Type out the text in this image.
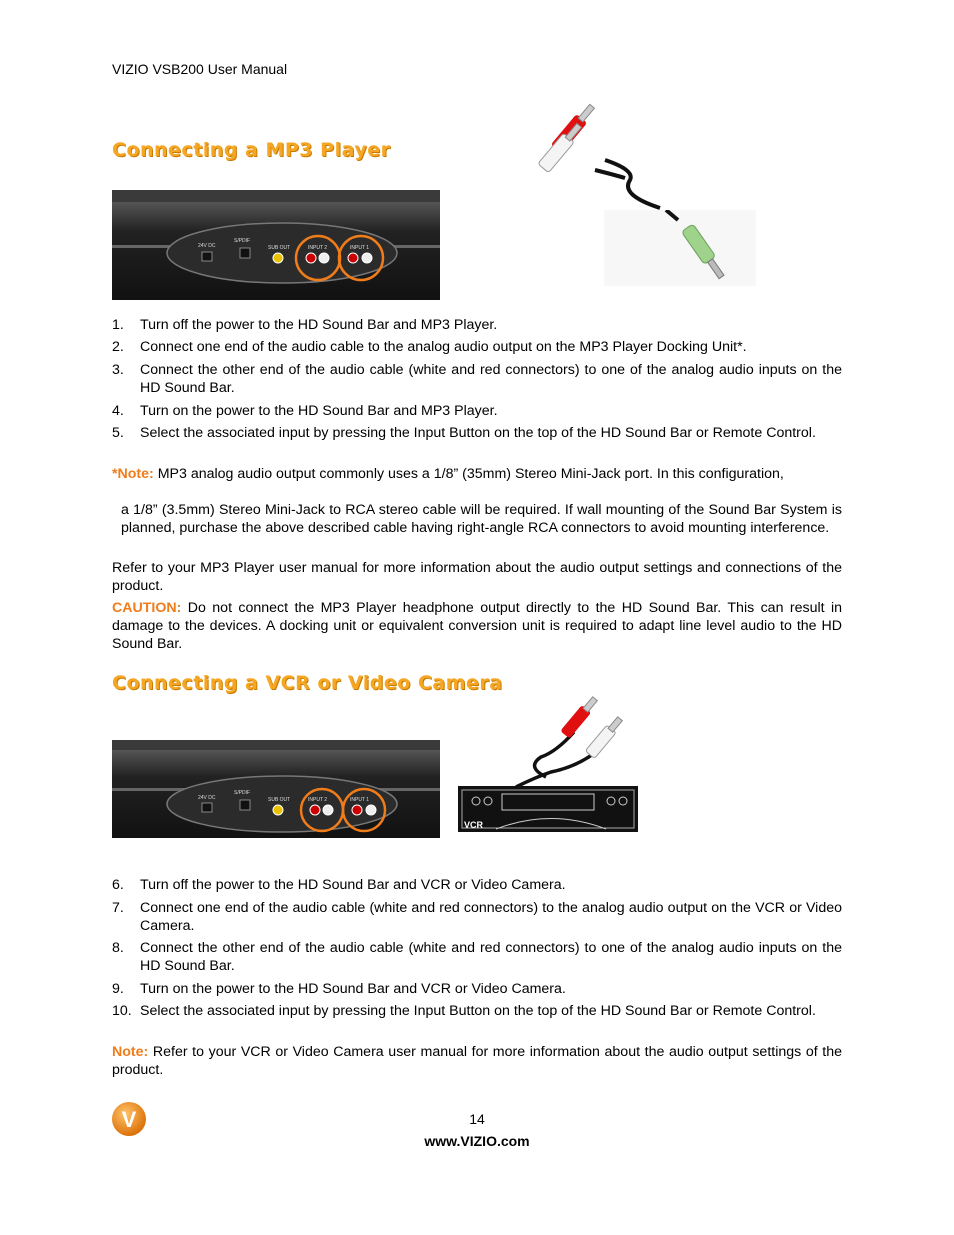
VIZIO VSB200 User Manual
Connecting a MP3 Player
24V DC
S/PDIF
SUB OUT	INPUT 2	INPUT 1
1.	Turn off the power to the HD Sound Bar and MP3 Player.
2.	Connect one end of the audio cable to the analog audio output on the MP3 Player Docking Unit*.
3.	Connect the other end of the audio cable (white and red connectors) to one of the analog audio inputs on the HD Sound Bar.
4.	Turn on the power to the HD Sound Bar and MP3 Player.
5.	Select the associated input by pressing the Input Button on the top of the HD Sound Bar or Remote Control.
*Note: MP3 analog audio output commonly uses a 1/8” (35mm) Stereo Mini-Jack port. In this configuration,
a 1/8” (3.5mm) Stereo Mini-Jack to RCA stereo cable will be required. If wall mounting of the Sound Bar System is planned, purchase the above described cable having right-angle RCA connectors to avoid mounting interference.
Refer to your MP3 Player user manual for more information about the audio output settings and connections of the product.
CAUTION: Do not connect the MP3 Player headphone output directly to the HD Sound Bar. This can result in damage to the devices. A docking unit or equivalent conversion unit is required to adapt line level audio to the HD Sound Bar.
Connecting a VCR or Video Camera
24V DC
S/PDIF
SUB OUT	INPUT 2	INPUT 1
VCR
6.	Turn off the power to the HD Sound Bar and VCR or Video Camera.
7.	Connect one end of the audio cable (white and red connectors) to the analog audio output on the VCR or Video Camera.
8.	Connect the other end of the audio cable (white and red connectors) to one of the analog audio inputs on the HD Sound Bar.
9.	Turn on the power to the HD Sound Bar and VCR or Video Camera.
10. Select the associated input by pressing the Input Button on the top of the HD Sound Bar or Remote Control.
Note: Refer to your VCR or Video Camera user manual for more information about the audio output settings of the product.
V	14
www.VIZIO.com
